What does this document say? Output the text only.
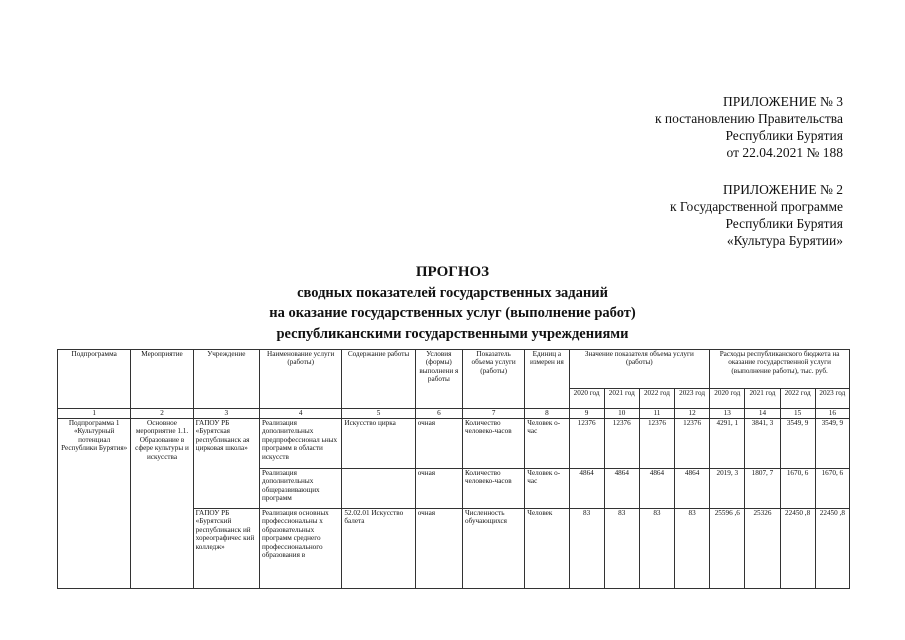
ПРИЛОЖЕНИЕ № 3
к постановлению Правительства
Республики Бурятия
от 22.04.2021 № 188
ПРИЛОЖЕНИЕ № 2
к Государственной программе
Республики Бурятия
«Культура Бурятии»
ПРОГНОЗ
сводных показателей государственных заданий
на оказание государственных услуг (выполнение работ)
республиканскими государственными учреждениями
Подпрограмма	Мероприятие	Учреждение	Наименование услуги (работы)	Содержание работы	Условия (формы) выполнени я работы	Показатель объема услуги (работы)	Единиц а измерен ия	Значение показателя объема услуги (работы)				Расходы республиканского бюджета на оказание государственной услуги (выполнение работы), тыс. руб.			
								2020 год	2021 год	2022 год	2023 год	2020 год	2021 год	2022 год	2023 год
1	2	3	4	5	6	7	8	9	10	11	12	13	14	15	16
Подпрограмма 1 «Культурный потенциал Республики Бурятия»	Основное мероприятие 1.1. Образование в сфере культуры и искусства	ГАПОУ РБ «Бурятская республиканск ая цирковая школа»	Реализация дополнительных предпрофессионал ьных программ в области искусств	Искусство цирка	очная	Количество человеко-часов	Человек о-час	12376	12376	12376	12376	4291, 1	3841, 3	3549, 9	3549, 9
			Реализация дополнительных общеразвивающих программ		очная	Количество человеко-часов	Человек о-час	4864	4864	4864	4864	2019, 3	1807, 7	1670, 6	1670, 6
		ГАПОУ РБ «Бурятский республиканск ий хореографичес кий колледж»	Реализация основных профессиональны х образовательных программ среднего профессионального образования в	52.02.01 Искусство балета	очная	Численность обучающихся	Человек	83	83	83	83	25596 ,6	25326	22450 ,8	22450 ,8
